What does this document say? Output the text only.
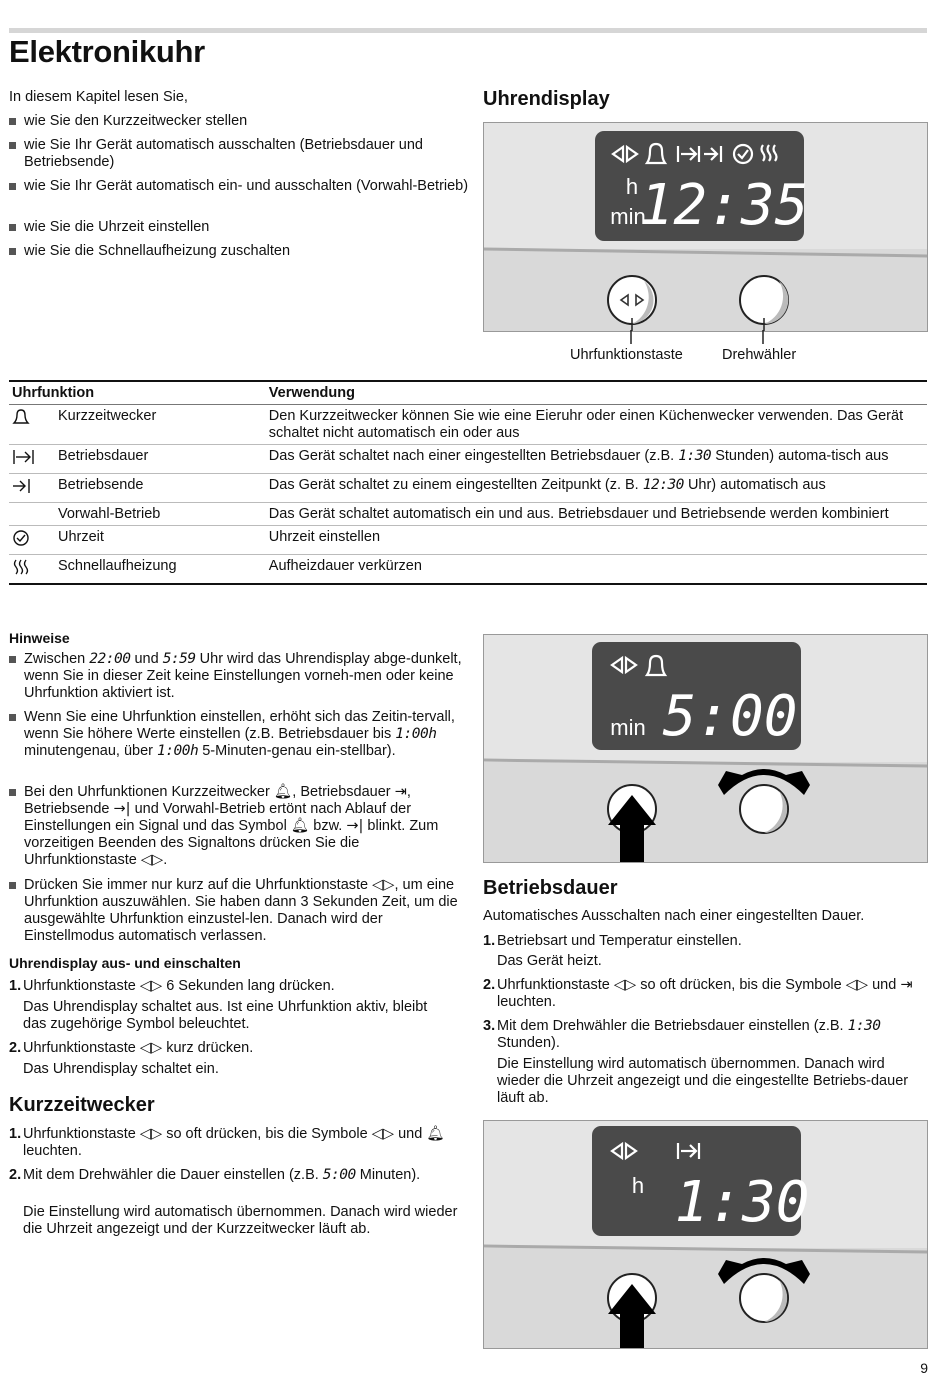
Elektronikuhr
In diesem Kapitel lesen Sie,
wie Sie den Kurzzeitwecker stellen
wie Sie Ihr Gerät automatisch ausschalten (Betriebsdauer und Betriebsende)
wie Sie Ihr Gerät automatisch ein- und ausschalten (Vorwahl-Betrieb)
wie Sie die Uhrzeit einstellen
wie Sie die Schnellaufheizung zuschalten
Uhrendisplay
h
min
12:35
Uhrfunktionstaste	Drehwähler
Uhrfunktion		Verwendung
	Kurzzeitwecker	Den Kurzzeitwecker können Sie wie eine Eieruhr oder einen Küchenwecker verwenden. Das Gerät schaltet nicht automatisch ein oder aus
	Betriebsdauer	Das Gerät schaltet nach einer eingestellten Betriebsdauer (z.B. 1:30 Stunden) automa-tisch aus
	Betriebsende	Das Gerät schaltet zu einem eingestellten Zeitpunkt (z. B. 12:30 Uhr) automatisch aus
	Vorwahl-Betrieb	Das Gerät schaltet automatisch ein und aus. Betriebsdauer und Betriebsende werden kombiniert
	Uhrzeit	Uhrzeit einstellen
	Schnellaufheizung	Aufheizdauer verkürzen
Hinweise
Zwischen 22:00 und 5:59 Uhr wird das Uhrendisplay abge-dunkelt, wenn Sie in dieser Zeit keine Einstellungen vorneh-men oder keine Uhrfunktion aktiviert ist.
Wenn Sie eine Uhrfunktion einstellen, erhöht sich das Zeitin-tervall, wenn Sie höhere Werte einstellen (z.B. Betriebsdauer bis 1:00h minutengenau, über 1:00h 5-Minuten-genau ein-stellbar).
Bei den Uhrfunktionen Kurzzeitwecker 🔔︎, Betriebsdauer ⇥, Betriebsende →| und Vorwahl-Betrieb ertönt nach Ablauf der Einstellungen ein Signal und das Symbol 🔔︎ bzw. →| blinkt. Zum vorzeitigen Beenden des Signaltons drücken Sie die Uhrfunktionstaste ◁▷.
Drücken Sie immer nur kurz auf die Uhrfunktionstaste ◁▷, um eine Uhrfunktion auszuwählen. Sie haben dann 3 Sekunden Zeit, um die ausgewählte Uhrfunktion einzustel-len. Danach wird der Einstellmodus automatisch verlassen.
Uhrendisplay aus- und einschalten
1. Uhrfunktionstaste ◁▷ 6 Sekunden lang drücken.
Das Uhrendisplay schaltet aus. Ist eine Uhrfunktion aktiv, bleibt das zugehörige Symbol beleuchtet.
2. Uhrfunktionstaste ◁▷ kurz drücken.
Das Uhrendisplay schaltet ein.
Kurzzeitwecker
1. Uhrfunktionstaste ◁▷ so oft drücken, bis die Symbole ◁▷ und 🔔︎ leuchten.
2. Mit dem Drehwähler die Dauer einstellen (z.B. 5:00 Minuten).
Die Einstellung wird automatisch übernommen. Danach wird wieder die Uhrzeit angezeigt und der Kurzzeitwecker läuft ab.
min 5:00
Betriebsdauer
Automatisches Ausschalten nach einer eingestellten Dauer.
1. Betriebsart und Temperatur einstellen.
Das Gerät heizt.
2. Uhrfunktionstaste ◁▷ so oft drücken, bis die Symbole ◁▷ und ⇥ leuchten.
3. Mit dem Drehwähler die Betriebsdauer einstellen (z.B. 1:30 Stunden).
Die Einstellung wird automatisch übernommen. Danach wird wieder die Uhrzeit angezeigt und die eingestellte Betriebs-dauer läuft ab.
h 1:30
9
